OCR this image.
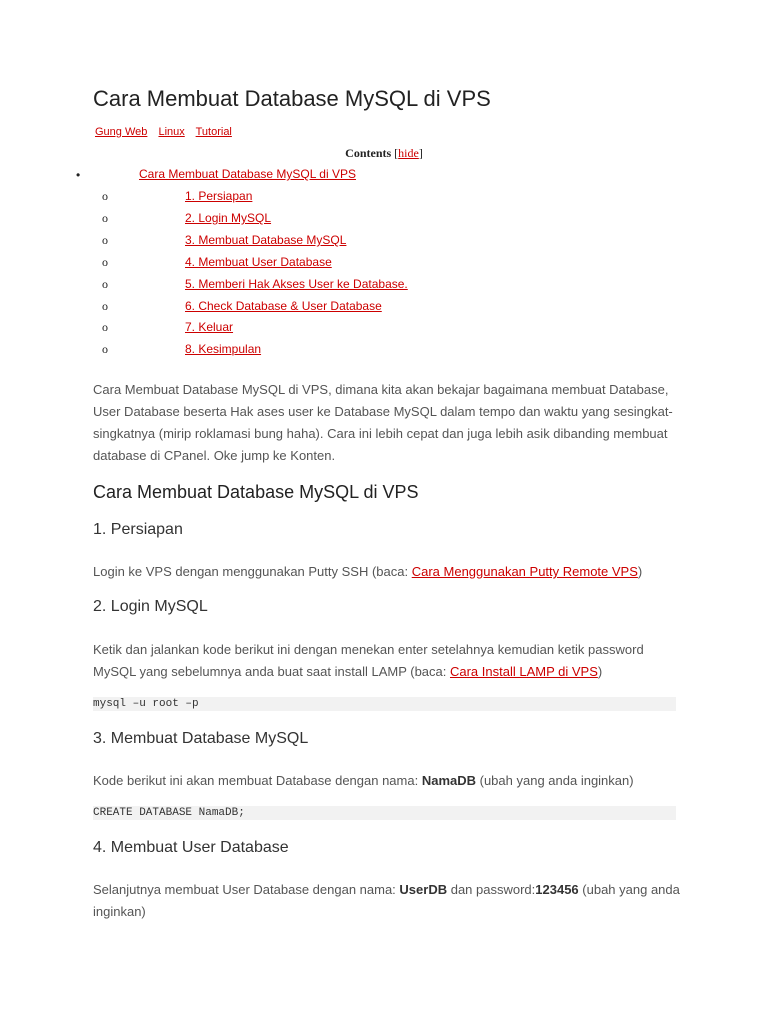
Cara Membuat Database MySQL di VPS
Gung Web Linux Tutorial
Contents [hide]
•	Cara Membuat Database MySQL di VPS
o	1. Persiapan
o	2. Login MySQL
o	3. Membuat Database MySQL
o	4. Membuat User Database
o	5. Memberi Hak Akses User ke Database.
o	6. Check Database & User Database
o	7. Keluar
o	8. Kesimpulan
Cara Membuat Database MySQL di VPS, dimana kita akan bekajar bagaimana membuat Database, User Database beserta Hak ases user ke Database MySQL dalam tempo dan waktu yang sesingkat-singkatnya (mirip roklamasi bung haha). Cara ini lebih cepat dan juga lebih asik dibanding membuat database di CPanel. Oke jump ke Konten.
Cara Membuat Database MySQL di VPS
1. Persiapan
Login ke VPS dengan menggunakan Putty SSH (baca: Cara Menggunakan Putty Remote VPS)
2. Login MySQL
Ketik dan jalankan kode berikut ini dengan menekan enter setelahnya kemudian ketik password MySQL yang sebelumnya anda buat saat install LAMP (baca: Cara Install LAMP di VPS)
mysql –u root –p
3. Membuat Database MySQL
Kode berikut ini akan membuat Database dengan nama: NamaDB (ubah yang anda inginkan)
CREATE DATABASE NamaDB;
4. Membuat User Database
Selanjutnya membuat User Database dengan nama: UserDB dan password:123456 (ubah yang anda inginkan)
